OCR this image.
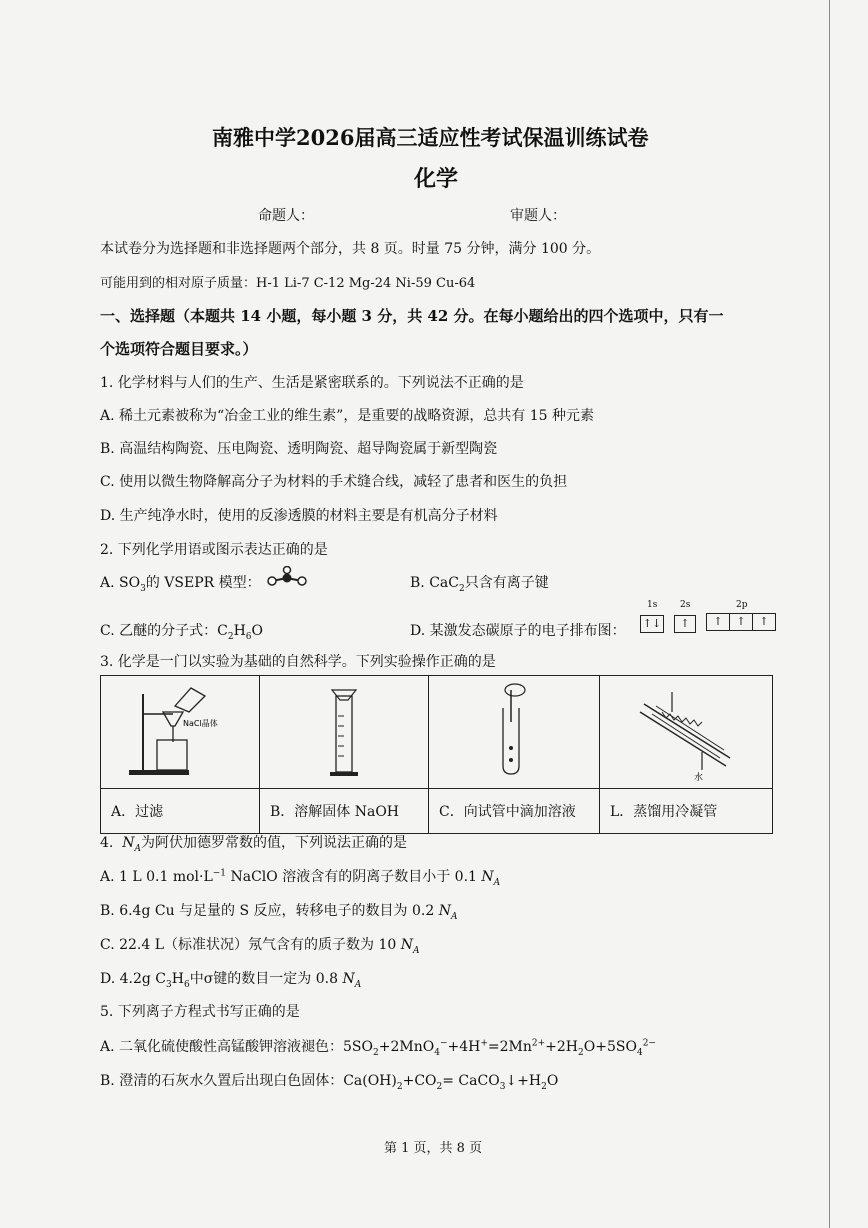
南雅中学2026届高三适应性考试保温训练试卷
化学
命题人：	审题人：
本试卷分为选择题和非选择题两个部分，共 8 页。时量 75 分钟，满分 100 分。
可能用到的相对原子质量：H-1 Li-7 C-12 Mg-24 Ni-59 Cu-64
一、选择题（本题共 14 小题，每小题 3 分，共 42 分。在每小题给出的四个选项中，只有一
个选项符合题目要求。）
1. 化学材料与人们的生产、生活是紧密联系的。下列说法不正确的是
A. 稀土元素被称为“冶金工业的维生素”，是重要的战略资源，总共有 15 种元素
B. 高温结构陶瓷、压电陶瓷、透明陶瓷、超导陶瓷属于新型陶瓷
C. 使用以微生物降解高分子为材料的手术缝合线，减轻了患者和医生的负担
D. 生产纯净水时，使用的反渗透膜的材料主要是有机高分子材料
2. 下列化学用语或图示表达正确的是
A. $SO_3$的 VSEPR 模型：	B. CaC$_2$只含有离子键
C. 乙醚的分子式：$C_2H_6O$	D. 某激发态碳原子的电子排布图：
1s	2s	2p
↑↓	↑	↑	↑	↑
3. 化学是一门以实验为基础的自然科学。下列实验操作正确的是
NaCl晶体			水

A．过滤	B．溶解固体 NaOH	C．向试管中滴加溶液	L．蒸馏用冷凝管
4.  $N_A$为阿伏加德罗常数的值，下列说法正确的是
A. 1 L 0.1 $mol\cdot L^{-1}$ NaClO 溶液含有的阴离子数目小于 0.1 $N_A$
B. 6.4g Cu 与足量的 S 反应，转移电子的数目为 0.2 $N_A$
C. 22.4 L（标准状况）氖气含有的质子数为 10 $N_A$
D. 4.2g $C_3H_6$中σ键的数目一定为 0.8 $N_A$
5. 下列离子方程式书写正确的是
A. 二氧化硫使酸性高锰酸钾溶液褪色：$5SO_2+2MnO_4^-+4H^+=2Mn^{2+}+2H_2O+5SO_4^{2-}$
B. 澄清的石灰水久置后出现白色固体：$Ca(OH)_2+CO_2=$ $CaCO_3↓+H_2O$
第 1 页，共 8 页
